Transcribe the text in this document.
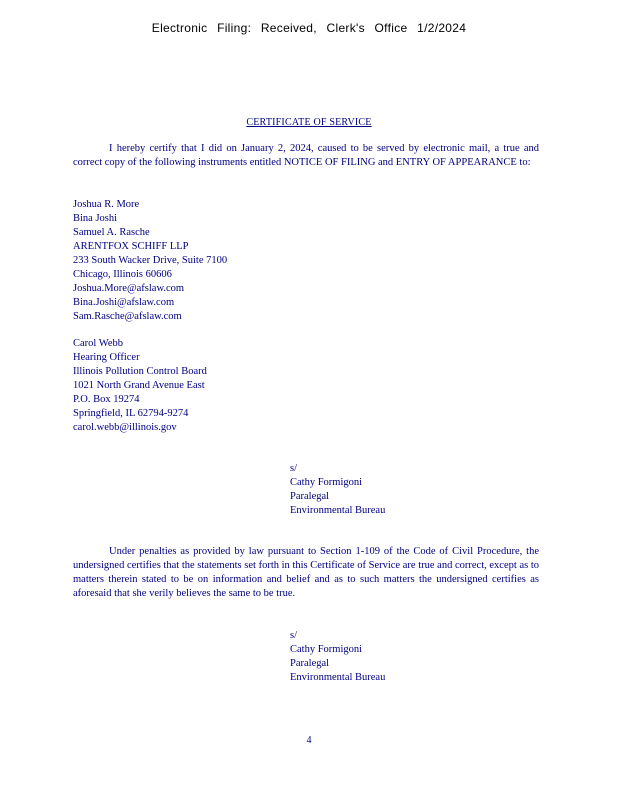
Electronic Filing: Received, Clerk's Office 1/2/2024
CERTIFICATE OF SERVICE

I hereby certify that I did on January 2, 2024, caused to be served by electronic mail, a true and correct copy of the following instruments entitled NOTICE OF FILING and ENTRY OF APPEARANCE to:

Joshua R. More
Bina Joshi
Samuel A. Rasche
ARENTFOX SCHIFF LLP
233 South Wacker Drive, Suite 7100
Chicago, Illinois 60606
Joshua.More@afslaw.com
Bina.Joshi@afslaw.com
Sam.Rasche@afslaw.com
Carol Webb
Hearing Officer
Illinois Pollution Control Board
1021 North Grand Avenue East
P.O. Box 19274
Springfield, IL 62794-9274
carol.webb@illinois.gov
s/
Cathy Formigoni
Paralegal
Environmental Bureau

Under penalties as provided by law pursuant to Section 1-109 of the Code of Civil Procedure, the undersigned certifies that the statements set forth in this Certificate of Service are true and correct, except as to matters therein stated to be on information and belief and as to such matters the undersigned certifies as aforesaid that she verily believes the same to be true.

s/
Cathy Formigoni
Paralegal
Environmental Bureau
4
